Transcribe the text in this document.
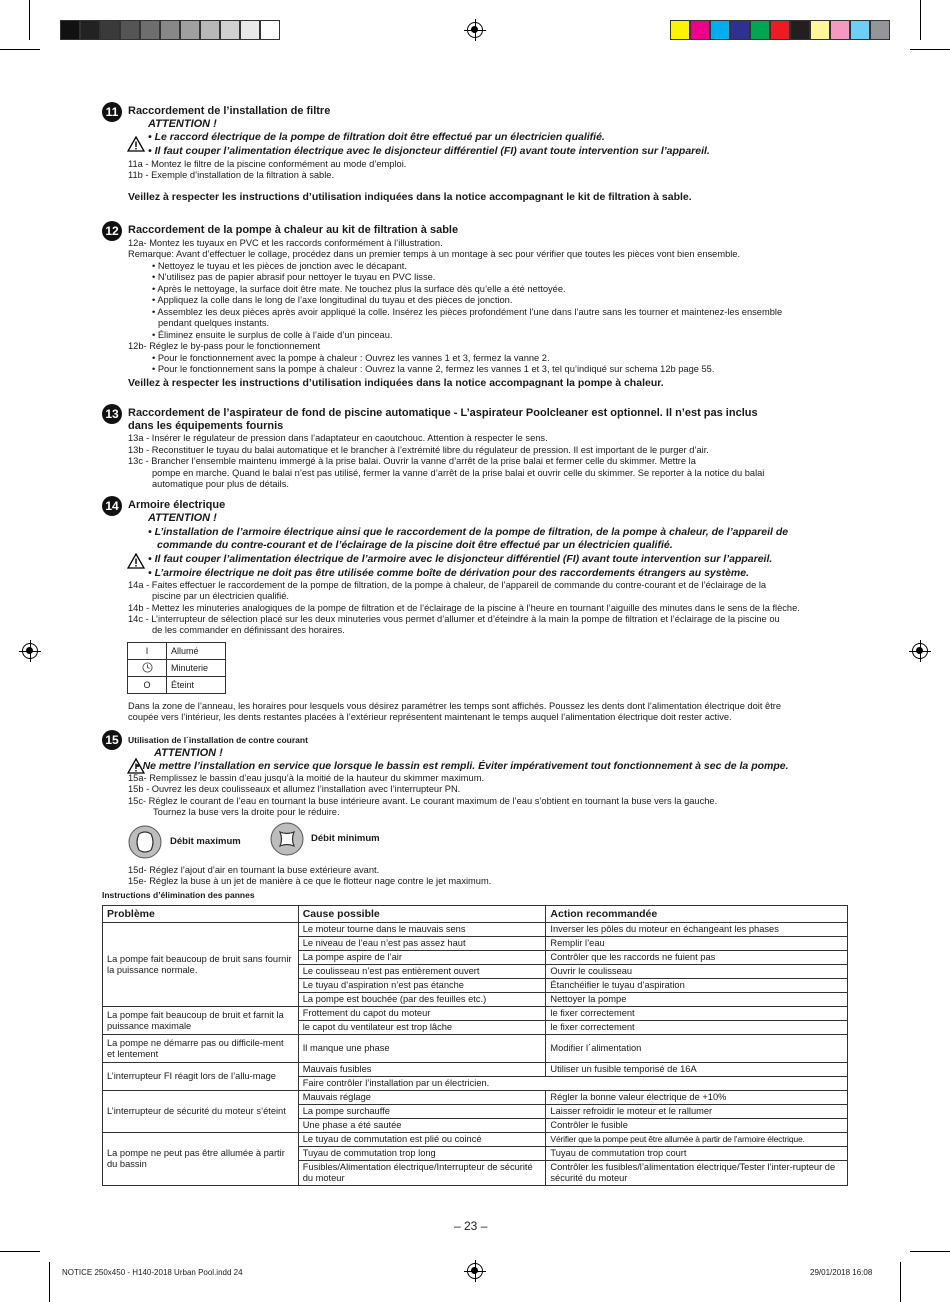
11 Raccordement de l’installation de filtre
ATTENTION !
• Le raccord électrique de la pompe de filtration doit être effectué par un électricien qualifié.
• Il faut couper l’alimentation électrique avec le disjoncteur différentiel (FI) avant toute intervention sur l’appareil.
11a - Montez le filtre de la piscine conformément au mode d’emploi.
11b - Exemple d’installation de la filtration à sable.
Veillez à respecter les instructions d’utilisation indiquées dans la notice accompagnant le kit de filtration à sable.
12 Raccordement de la pompe à chaleur au kit de filtration à sable
12a- Montez les tuyaux en PVC et les raccords conformément à l’illustration.
Remarque: Avant d’effectuer le collage, procédez dans un premier temps à un montage à sec pour vérifier que toutes les pièces vont bien ensemble.
• Nettoyez le tuyau et les pièces de jonction avec le décapant.
• N’utilisez pas de papier abrasif pour nettoyer le tuyau en PVC lisse.
• Après le nettoyage, la surface doit être mate. Ne touchez plus la surface dès qu’elle a été nettoyée.
• Appliquez la colle dans le long de l’axe longitudinal du tuyau et des pièces de jonction.
• Assemblez les deux pièces après avoir appliqué la colle. Insérez les pièces profondément l’une dans l’autre sans les tourner et maintenez-les ensemble
pendant quelques instants.
• Éliminez ensuite le surplus de colle à l’aide d’un pinceau.
12b- Réglez le by-pass pour le fonctionnement
• Pour le fonctionnement avec la pompe à chaleur : Ouvrez les vannes 1 et 3, fermez la vanne 2.
• Pour le fonctionnement sans la pompe à chaleur : Ouvrez la vanne 2, fermez les vannes 1 et 3, tel qu’indiqué sur schema 12b page 55.
Veillez à respecter les instructions d’utilisation indiquées dans la notice accompagnant la pompe à chaleur.
13 Raccordement de l’aspirateur de fond de piscine automatique - L’aspirateur Poolcleaner est optionnel. Il n’est pas inclus
dans les équipements fournis
13a - Insérer le régulateur de pression dans l’adaptateur en caoutchouc. Attention à respecter le sens.
13b - Reconstituer le tuyau du balai automatique et le brancher à l’extrémité libre du régulateur de pression. Il est important de le purger d’air.
13c - Brancher l’ensemble maintenu immergé à la prise balai. Ouvrir la vanne d’arrêt de la prise balai et fermer celle du skimmer. Mettre la
pompe en marche. Quand le balai n’est pas utilisé, fermer la vanne d’arrêt de la prise balai et ouvrir celle du skimmer. Se reporter à la notice du balai
automatique pour plus de détails.
14 Armoire électrique
ATTENTION !
• L’installation de l’armoire électrique ainsi que le raccordement de la pompe de filtration, de la pompe à chaleur, de l’appareil de
commande du contre-courant et de l’éclairage de la piscine doit être effectué par un électricien qualifié.
• Il faut couper l’alimentation électrique de l’armoire avec le disjoncteur différentiel (FI) avant toute intervention sur l’appareil.
• L’armoire électrique ne doit pas être utilisée comme boîte de dérivation pour des raccordements étrangers au système.
14a - Faites effectuer le raccordement de la pompe de filtration, de la pompe à chaleur, de l’appareil de commande du contre-courant et de l’éclairage de la
piscine par un électricien qualifié.
14b - Mettez les minuteries analogiques de la pompe de filtration et de l’éclairage de la piscine à l’heure en tournant l’aiguille des minutes dans le sens de la flèche.
14c - L’interrupteur de sélection placé sur les deux minuteries vous permet d’allumer et d’éteindre à la main la pompe de filtration et l’éclairage de la piscine ou
de les commander en définissant des horaires.
I	Allumé
	Minuterie
O	Éteint
Dans la zone de l’anneau, les horaires pour lesquels vous désirez paramétrer les temps sont affichés. Poussez les dents dont l’alimentation électrique doit être
coupée vers l’intérieur, les dents restantes placées à l’extérieur représentent maintenant le temps auquel l’alimentation électrique doit rester active.
15	Utilisation de l´installation de contre courant
ATTENTION !
• Ne mettre l’installation en service que lorsque le bassin est rempli. Éviter impérativement tout fonctionnement à sec de la pompe.
15a- Remplissez le bassin d’eau jusqu’à la moitié de la hauteur du skimmer maximum.
15b - Ouvrez les deux coulisseaux et allumez l’installation avec l’interrupteur PN.
15c- Réglez le courant de l’eau en tournant la buse intérieure avant. Le courant maximum de l’eau s’obtient en tournant la buse vers la gauche.
Tournez la buse vers la droite pour le réduire.
Débit maximum	Débit minimum
15d- Réglez l’ajout d’air en tournant la buse extérieure avant.
15e- Réglez la buse à un jet de manière à ce que le flotteur nage contre le jet maximum.
Instructions d’élimination des pannes
Problème	Cause possible	Action recommandée
La pompe fait beaucoup de bruit sans fournir la puissance normale.	Le moteur tourne dans le mauvais sens	Inverser les pôles du moteur en échangeant les phases
	Le niveau de l’eau n’est pas assez haut	Remplir l’eau
	La pompe aspire de l’air	Contrôler que les raccords ne fuient pas
	Le coulisseau n’est pas entièrement ouvert	Ouvrir le coulisseau
	Le tuyau d’aspiration n’est pas étanche	Étanchéifier le tuyau d’aspiration
	La pompe est bouchée (par des feuilles etc.)	Nettoyer la pompe
La pompe fait beaucoup de bruit et farnit la puissance maximale	Frottement du capot du moteur	le fixer correctement
	le capot du ventilateur est trop lâche	le fixer correctement
La pompe ne démarre pas ou difficile-ment et lentement	Il manque une phase	Modifier l´alimentation
L’interrupteur FI réagit lors de l’allu-mage	Mauvais fusibles	Utiliser un fusible temporisé de 16A
	Faire contrôler l’installation par un électricien.	
L’interrupteur de sécurité du moteur s’éteint	Mauvais réglage	Régler la bonne valeur électrique de +10%
	La pompe surchauffe	Laisser refroidir le moteur et le rallumer
	Une phase a été sautée	Contrôler le fusible
La pompe ne peut pas être allumée à partir du bassin	Le tuyau de commutation est plié ou coincé	Vérifier que la pompe peut être allumée à partir de l’armoire électrique.
	Tuyau de commutation trop long	Tuyau de commutation trop court
	Fusibles/Alimentation électrique/Interrupteur de sécurité du moteur	Contrôler les fusibles/l’alimentation électrique/Tester l’inter-rupteur de sécurité du moteur
– 23 –
NOTICE 250x450 - H140-2018 Urban Pool.indd 24	29/01/2018 16:08
